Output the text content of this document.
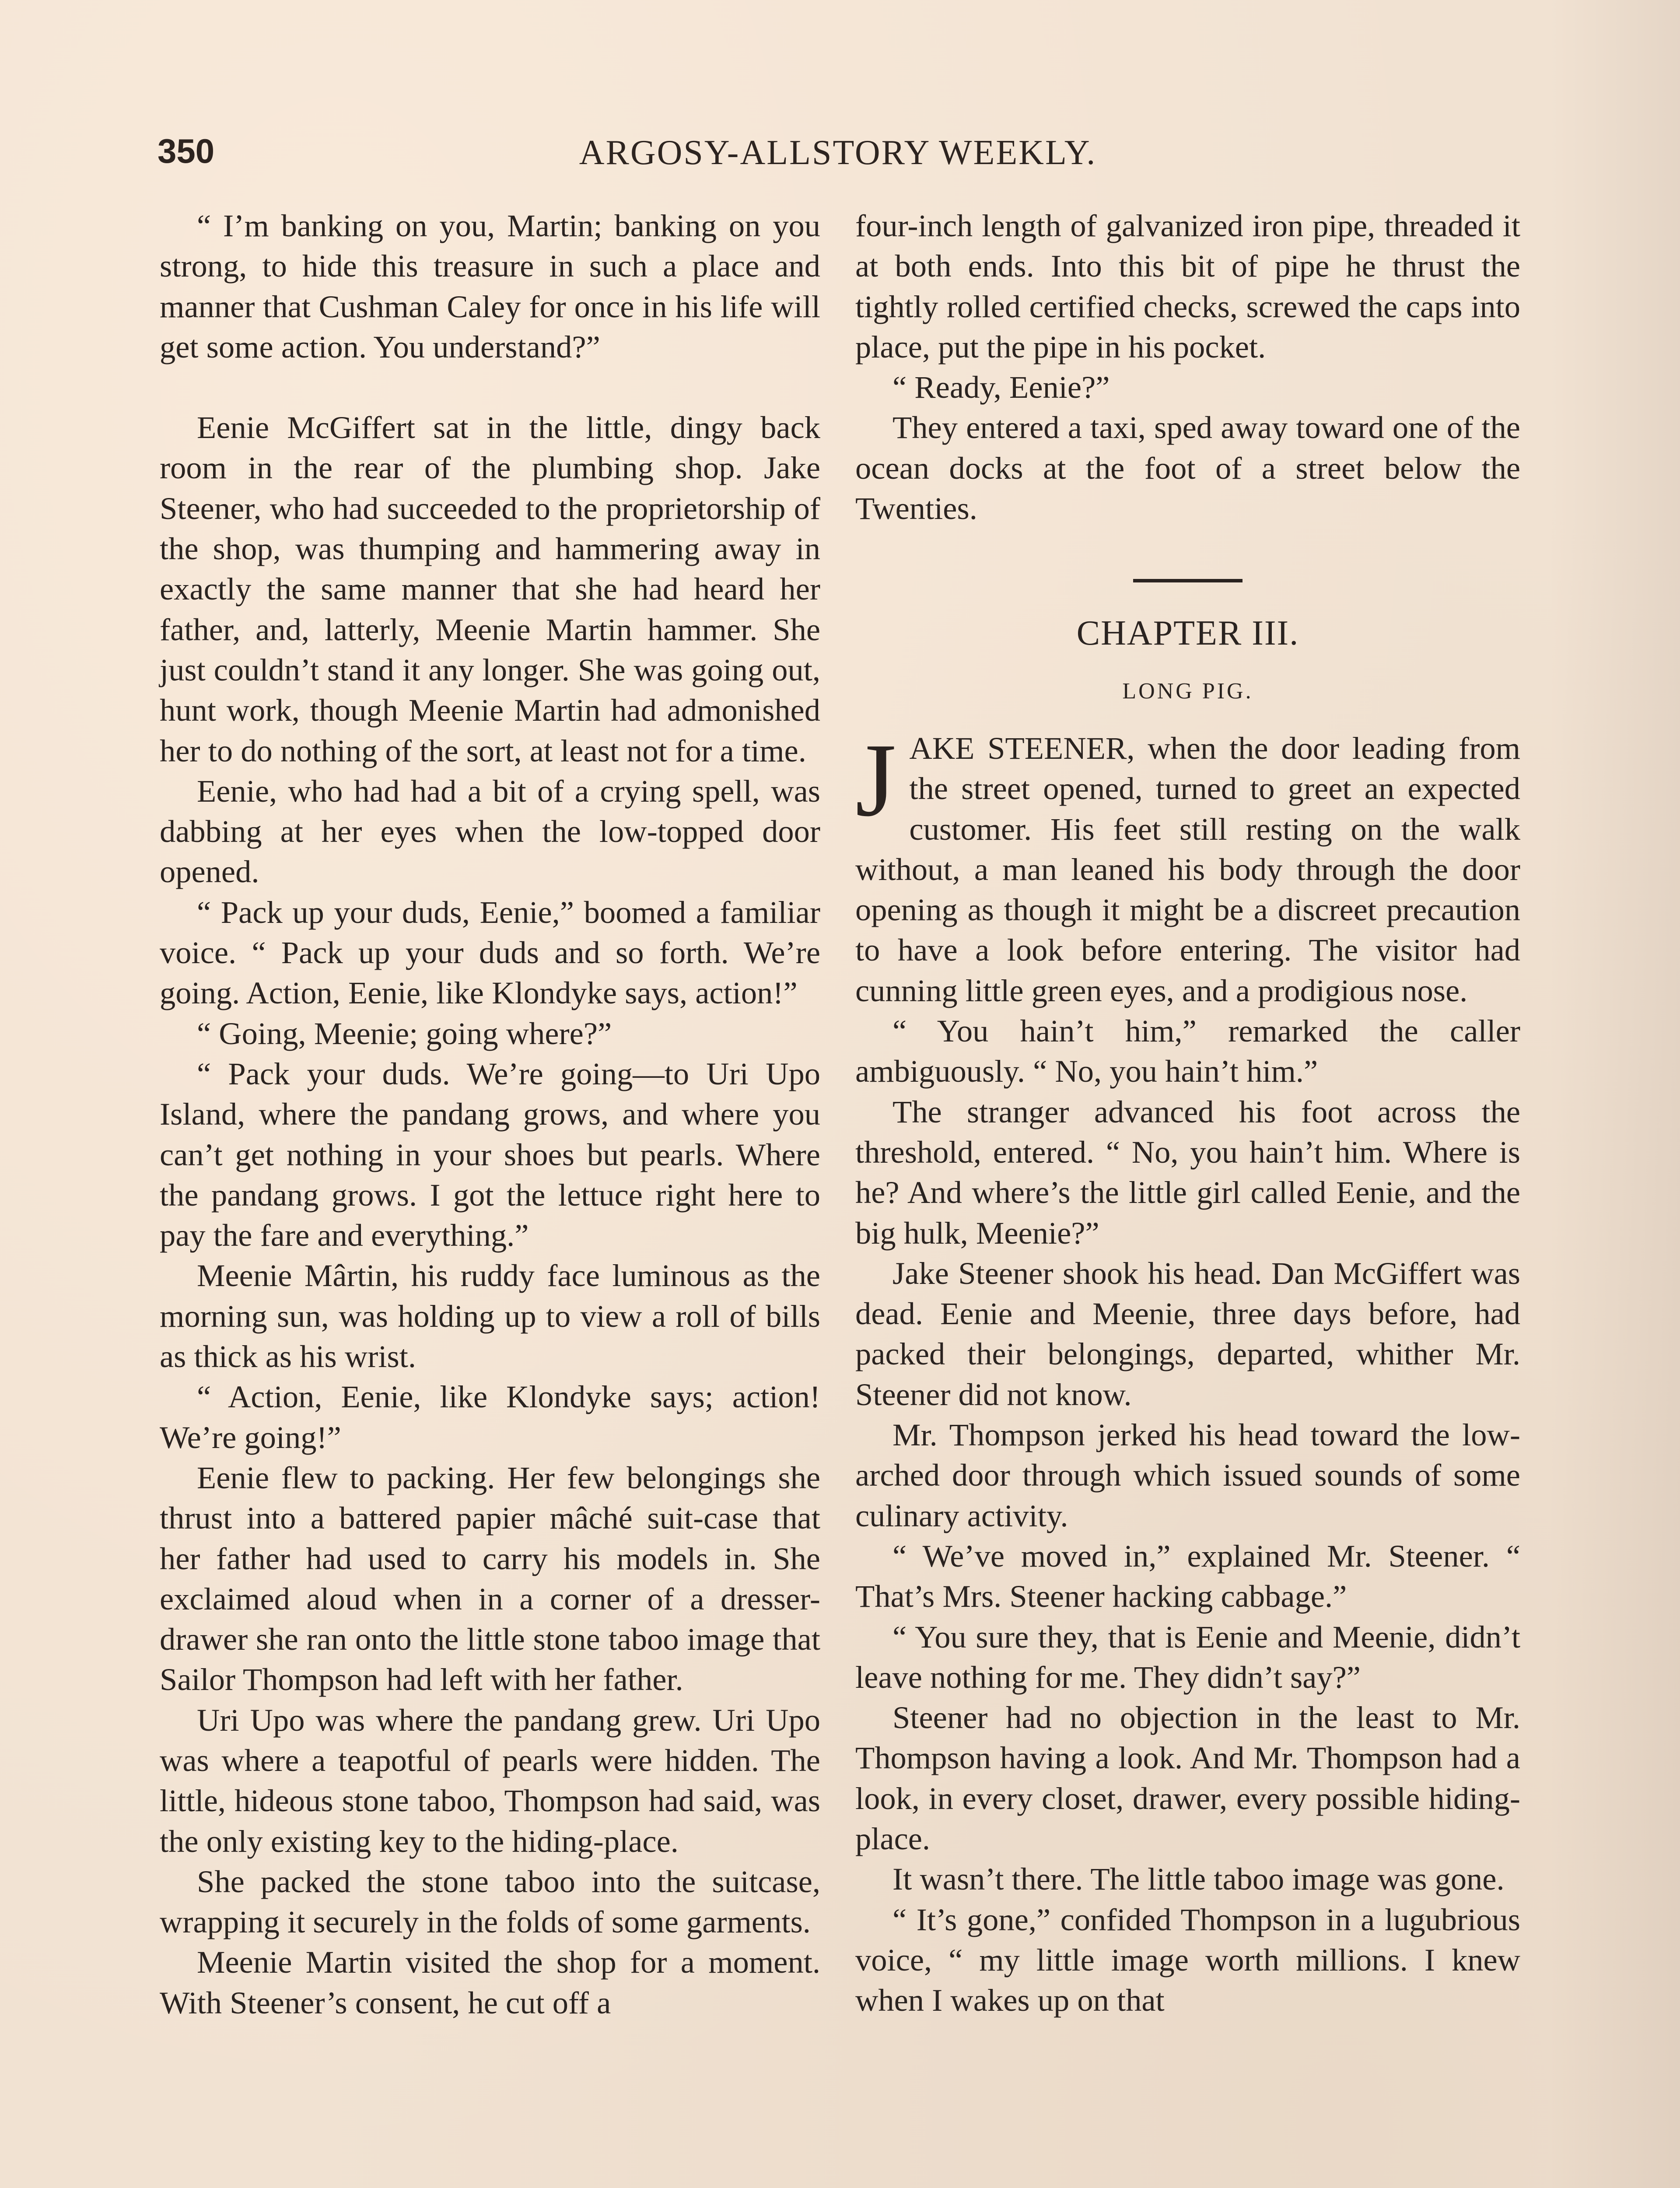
350	ARGOSY-ALLSTORY WEEKLY.

“ I’m banking on you, Martin; banking on you strong, to hide this treasure in such a place and manner that Cushman Caley for once in his life will get some action. You understand?”

Eenie McGiffert sat in the little, dingy back room in the rear of the plumbing shop. Jake Steener, who had succeeded to the proprietorship of the shop, was thumping and hammering away in exactly the same manner that she had heard her father, and, latterly, Meenie Martin hammer. She just couldn’t stand it any longer. She was going out, hunt work, though Meenie Martin had admonished her to do nothing of the sort, at least not for a time.

Eenie, who had had a bit of a crying spell, was dabbing at her eyes when the low-topped door opened.

“ Pack up your duds, Eenie,” boomed a familiar voice. “ Pack up your duds and so forth. We’re going. Action, Eenie, like Klondyke says, action!”

“ Going, Meenie; going where?”

“ Pack your duds. We’re going—to Uri Upo Island, where the pandang grows, and where you can’t get nothing in your shoes but pearls. Where the pandang grows. I got the lettuce right here to pay the fare and everything.”

Meenie Mârtin, his ruddy face luminous as the morning sun, was holding up to view a roll of bills as thick as his wrist.

“ Action, Eenie, like Klondyke says; action! We’re going!”

Eenie flew to packing. Her few belongings she thrust into a battered papier mâché suit-case that her father had used to carry his models in. She exclaimed aloud when in a corner of a dresser-drawer she ran onto the little stone taboo image that Sailor Thompson had left with her father.

Uri Upo was where the pandang grew. Uri Upo was where a teapotful of pearls were hidden. The little, hideous stone taboo, Thompson had said, was the only existing key to the hiding-place.

She packed the stone taboo into the suitcase, wrapping it securely in the folds of some garments.

Meenie Martin visited the shop for a moment. With Steener’s consent, he cut off a

four-inch length of galvanized iron pipe, threaded it at both ends. Into this bit of pipe he thrust the tightly rolled certified checks, screwed the caps into place, put the pipe in his pocket.

“ Ready, Eenie?”

They entered a taxi, sped away toward one of the ocean docks at the foot of a street below the Twenties.

CHAPTER III.
LONG PIG.

JAKE STEENER, when the door leading from the street opened, turned to greet an expected customer. His feet still resting on the walk without, a man leaned his body through the door opening as though it might be a discreet precaution to have a look before entering. The visitor had cunning little green eyes, and a prodigious nose.

“ You hain’t him,” remarked the caller ambiguously. “ No, you hain’t him.”

The stranger advanced his foot across the threshold, entered. “ No, you hain’t him. Where is he? And where’s the little girl called Eenie, and the big hulk, Meenie?”

Jake Steener shook his head. Dan McGiffert was dead. Eenie and Meenie, three days before, had packed their belongings, departed, whither Mr. Steener did not know.

Mr. Thompson jerked his head toward the low-arched door through which issued sounds of some culinary activity.

“ We’ve moved in,” explained Mr. Steener. “ That’s Mrs. Steener hacking cabbage.”

“ You sure they, that is Eenie and Meenie, didn’t leave nothing for me. They didn’t say?”

Steener had no objection in the least to Mr. Thompson having a look. And Mr. Thompson had a look, in every closet, drawer, every possible hiding-place.

It wasn’t there. The little taboo image was gone.

“ It’s gone,” confided Thompson in a lugubrious voice, “ my little image worth millions. I knew when I wakes up on that
